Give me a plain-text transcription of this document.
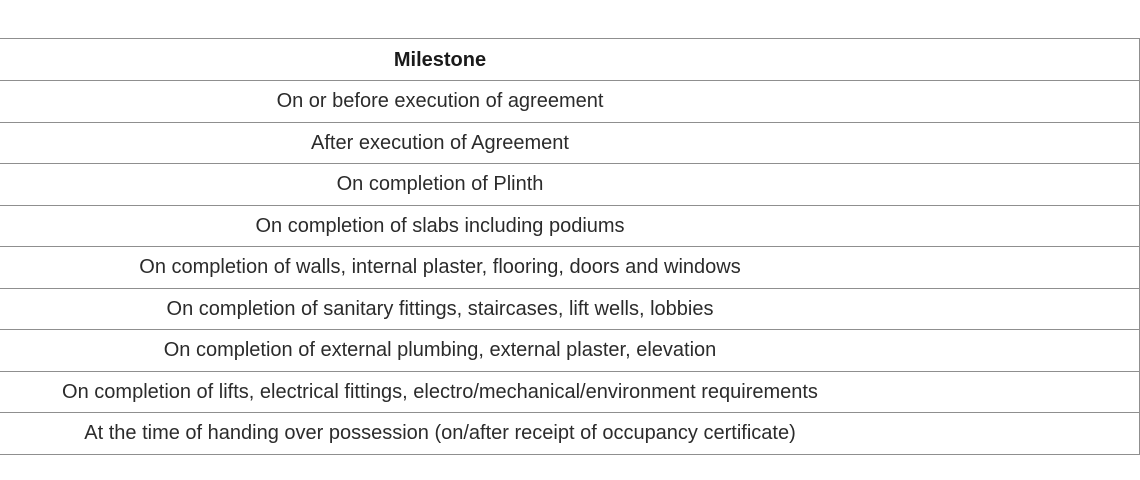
Milestone
On or before execution of agreement
After execution of Agreement
On completion of Plinth
On completion of slabs including podiums
On completion of walls, internal plaster, flooring, doors and windows
On completion of sanitary fittings, staircases, lift wells, lobbies
On completion of external plumbing, external plaster, elevation
On completion of lifts, electrical fittings, electro/mechanical/environment requirements
At the time of handing over possession (on/after receipt of occupancy certificate)
